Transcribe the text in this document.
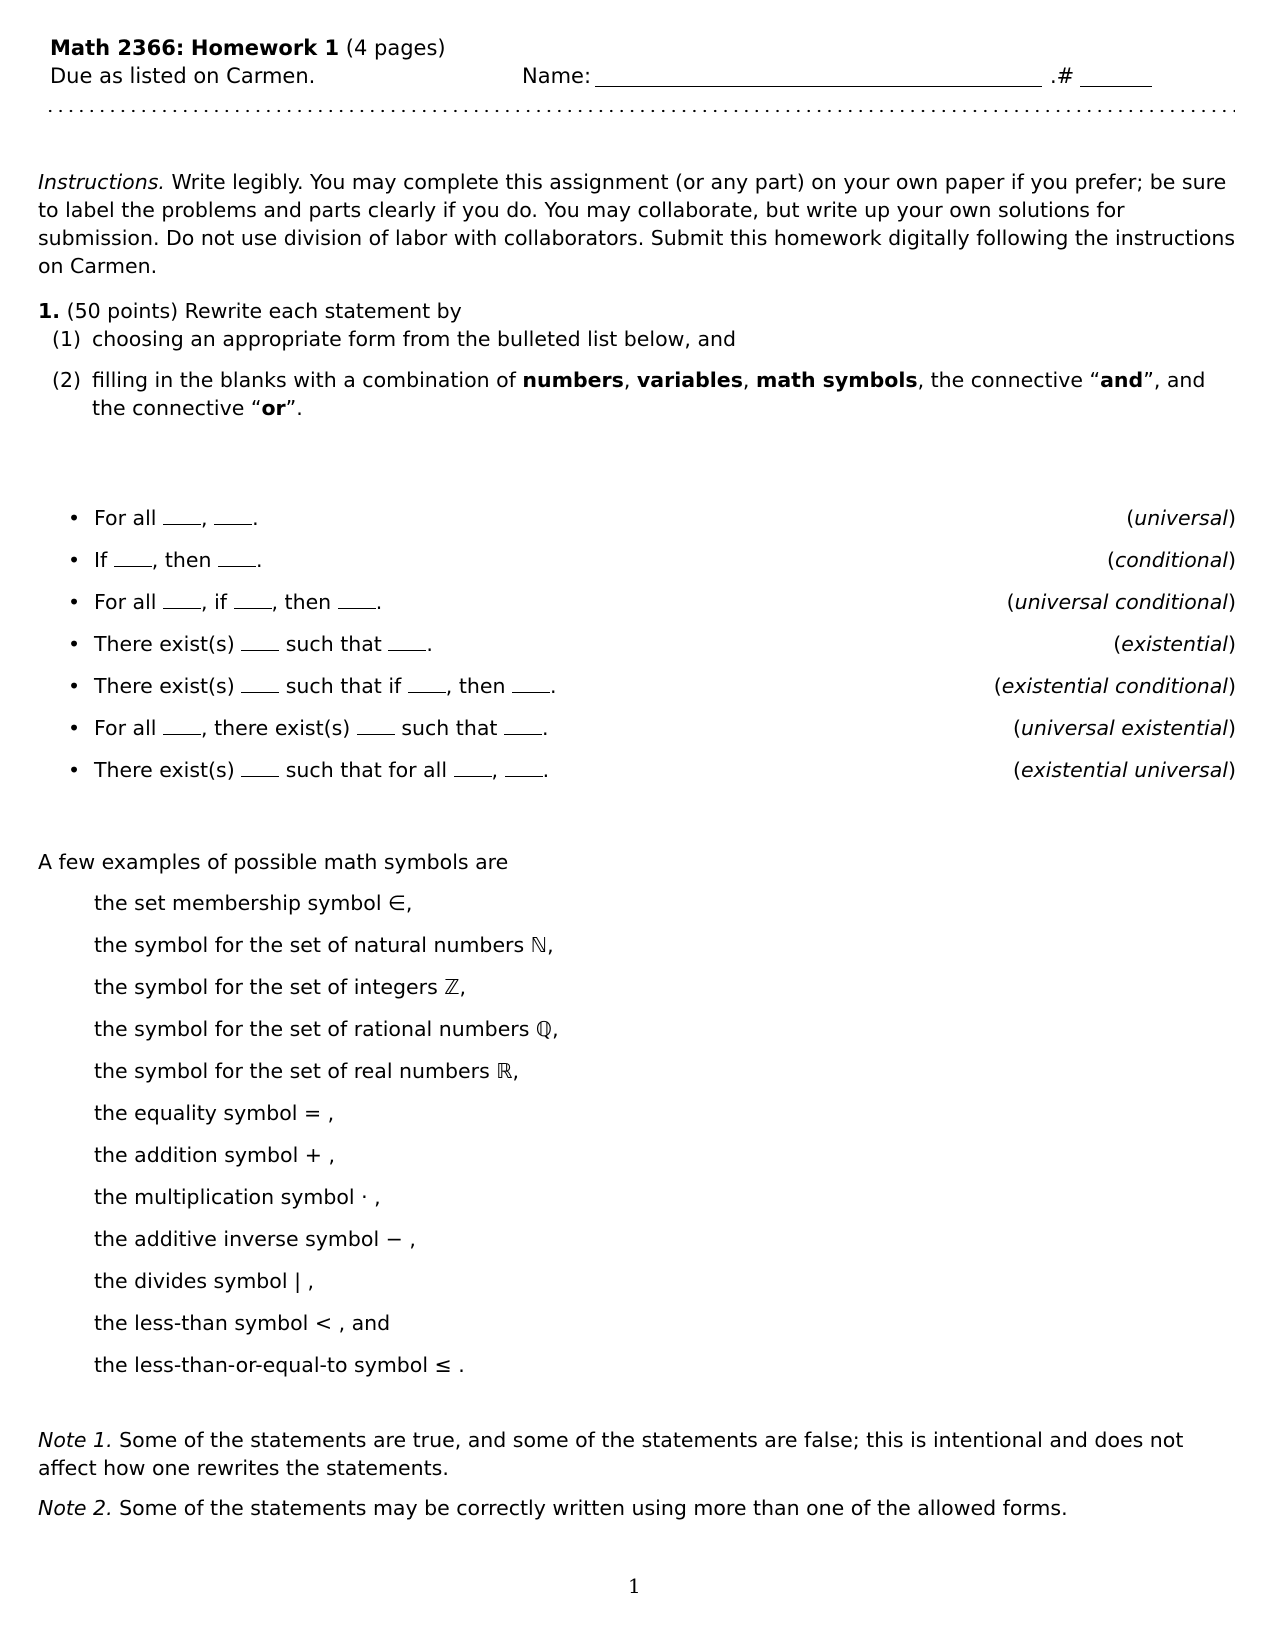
Math 2366: Homework 1 (4 pages)
Due as listed on Carmen.	Name:	.#
Instructions. Write legibly. You may complete this assignment (or any part) on your own paper if you prefer; be sure to label the problems and parts clearly if you do. You may collaborate, but write up your own solutions for submission. Do not use division of labor with collaborators. Submit this homework digitally following the instructions on Carmen.
1. (50 points) Rewrite each statement by
(1) choosing an appropriate form from the bulleted list below, and
(2) filling in the blanks with a combination of numbers, variables, math symbols, the connective “and”, and the connective “or”.
• For all , .	(universal)
• If , then .	(conditional)
• For all , if , then .	(universal conditional)
• There exist(s)  such that .	(existential)
• There exist(s)  such that if , then .	(existential conditional)
• For all , there exist(s)  such that .	(universal existential)
• There exist(s)  such that for all , .	(existential universal)
A few examples of possible math symbols are
the set membership symbol ∈,
the symbol for the set of natural numbers ℕ,
the symbol for the set of integers ℤ,
the symbol for the set of rational numbers ℚ,
the symbol for the set of real numbers ℝ,
the equality symbol = ,
the addition symbol + ,
the multiplication symbol · ,
the additive inverse symbol − ,
the divides symbol | ,
the less-than symbol < , and
the less-than-or-equal-to symbol ≤ .
Note 1. Some of the statements are true, and some of the statements are false; this is intentional and does not affect how one rewrites the statements.
Note 2. Some of the statements may be correctly written using more than one of the allowed forms.
1
